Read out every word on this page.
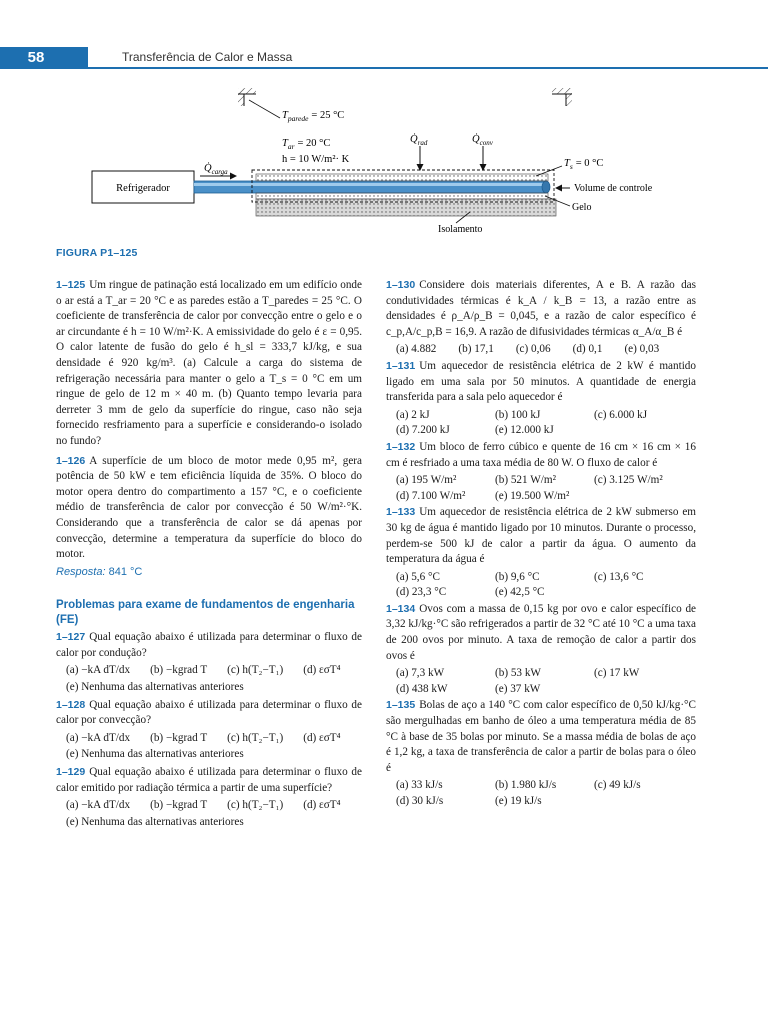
58	Transferência de Calor e Massa
$T_{parede} = 25$ °C
$T_{ar} = 20$ °C
h = 10 W/m²· K
Refrigerador
$Q̇_{carga}$
$Q̇_{rad}$	$Q̇_{conv}$
$T_s = 0$ °C
Volume de controle
Gelo
Isolamento
FIGURA P1–125

1–125 Um ringue de patinação está localizado em um edifício onde o ar está a T_ar = 20 °C e as paredes estão a T_paredes = 25 °C. O coeficiente de transferência de calor por convecção entre o gelo e o ar circundante é h = 10 W/m²·K. A emissividade do gelo é ε = 0,95. O calor latente de fusão do gelo é h_sl = 333,7 kJ/kg, e sua densidade é 920 kg/m³. (a) Calcule a carga do sistema de refrigeração necessária para manter o gelo a T_s = 0 °C em um ringue de gelo de 12 m × 40 m. (b) Quanto tempo levaria para derreter 3 mm de gelo da superfície do ringue, caso não seja fornecido resfriamento para a superfície e considerando-o isolado no fundo?

1–126 A superfície de um bloco de motor mede 0,95 m², gera potência de 50 kW e tem eficiência líquida de 35%. O bloco do motor opera dentro do compartimento a 157 °C, e o coeficiente médio de transferência de calor por convecção é 50 W/m²·°K. Considerando que a transferência de calor se dá apenas por convecção, determine a temperatura da superfície do bloco do motor.

Resposta: 841 °C
Problemas para exame de fundamentos de engenharia (FE)

1–127 Qual equação abaixo é utilizada para determinar o fluxo de calor por condução?

(a) −kA dT/dx (b) −kgrad T (c) h(T₂−T₁) (d) εσT⁴
(e) Nenhuma das alternativas anteriores

1–128 Qual equação abaixo é utilizada para determinar o fluxo de calor por convecção?

(a) −kA dT/dx (b) −kgrad T (c) h(T₂−T₁) (d) εσT⁴
(e) Nenhuma das alternativas anteriores

1–129 Qual equação abaixo é utilizada para determinar o fluxo de calor emitido por radiação térmica a partir de uma superfície?

(a) −kA dT/dx (b) −kgrad T (c) h(T₂−T₁) (d) εσT⁴
(e) Nenhuma das alternativas anteriores

1–130 Considere dois materiais diferentes, A e B. A razão das condutividades térmicas é k_A / k_B = 13, a razão entre as densidades é ρ_A/ρ_B = 0,045, e a razão de calor específico é c_p,A/c_p,B = 16,9. A razão de difusividades térmicas α_A/α_B é

(a) 4.882 (b) 17,1 (c) 0,06 (d) 0,1 (e) 0,03

1–131 Um aquecedor de resistência elétrica de 2 kW é mantido ligado em uma sala por 50 minutos. A quantidade de energia transferida para a sala pelo aquecedor é

(a) 2 kJ	(b) 100 kJ	(c) 6.000 kJ
(d) 7.200 kJ	(e) 12.000 kJ

1–132 Um bloco de ferro cúbico e quente de 16 cm × 16 cm × 16 cm é resfriado a uma taxa média de 80 W. O fluxo de calor é

(a) 195 W/m²	(b) 521 W/m²	(c) 3.125 W/m²
(d) 7.100 W/m²	(e) 19.500 W/m²

1–133 Um aquecedor de resistência elétrica de 2 kW submerso em 30 kg de água é mantido ligado por 10 minutos. Durante o processo, perdem-se 500 kJ de calor a partir da água. O aumento da temperatura da água é

(a) 5,6 °C	(b) 9,6 °C	(c) 13,6 °C
(d) 23,3 °C	(e) 42,5 °C

1–134 Ovos com a massa de 0,15 kg por ovo e calor específico de 3,32 kJ/kg·°C são refrigerados a partir de 32 °C até 10 °C a uma taxa de 200 ovos por minuto. A taxa de remoção de calor a partir dos ovos é

(a) 7,3 kW	(b) 53 kW	(c) 17 kW
(d) 438 kW	(e) 37 kW

1–135 Bolas de aço a 140 °C com calor específico de 0,50 kJ/kg·°C são mergulhadas em banho de óleo a uma temperatura média de 85 °C à base de 35 bolas por minuto. Se a massa média de bolas de aço é 1,2 kg, a taxa de transferência de calor a partir de bolas para o óleo é

(a) 33 kJ/s	(b) 1.980 kJ/s	(c) 49 kJ/s
(d) 30 kJ/s	(e) 19 kJ/s
